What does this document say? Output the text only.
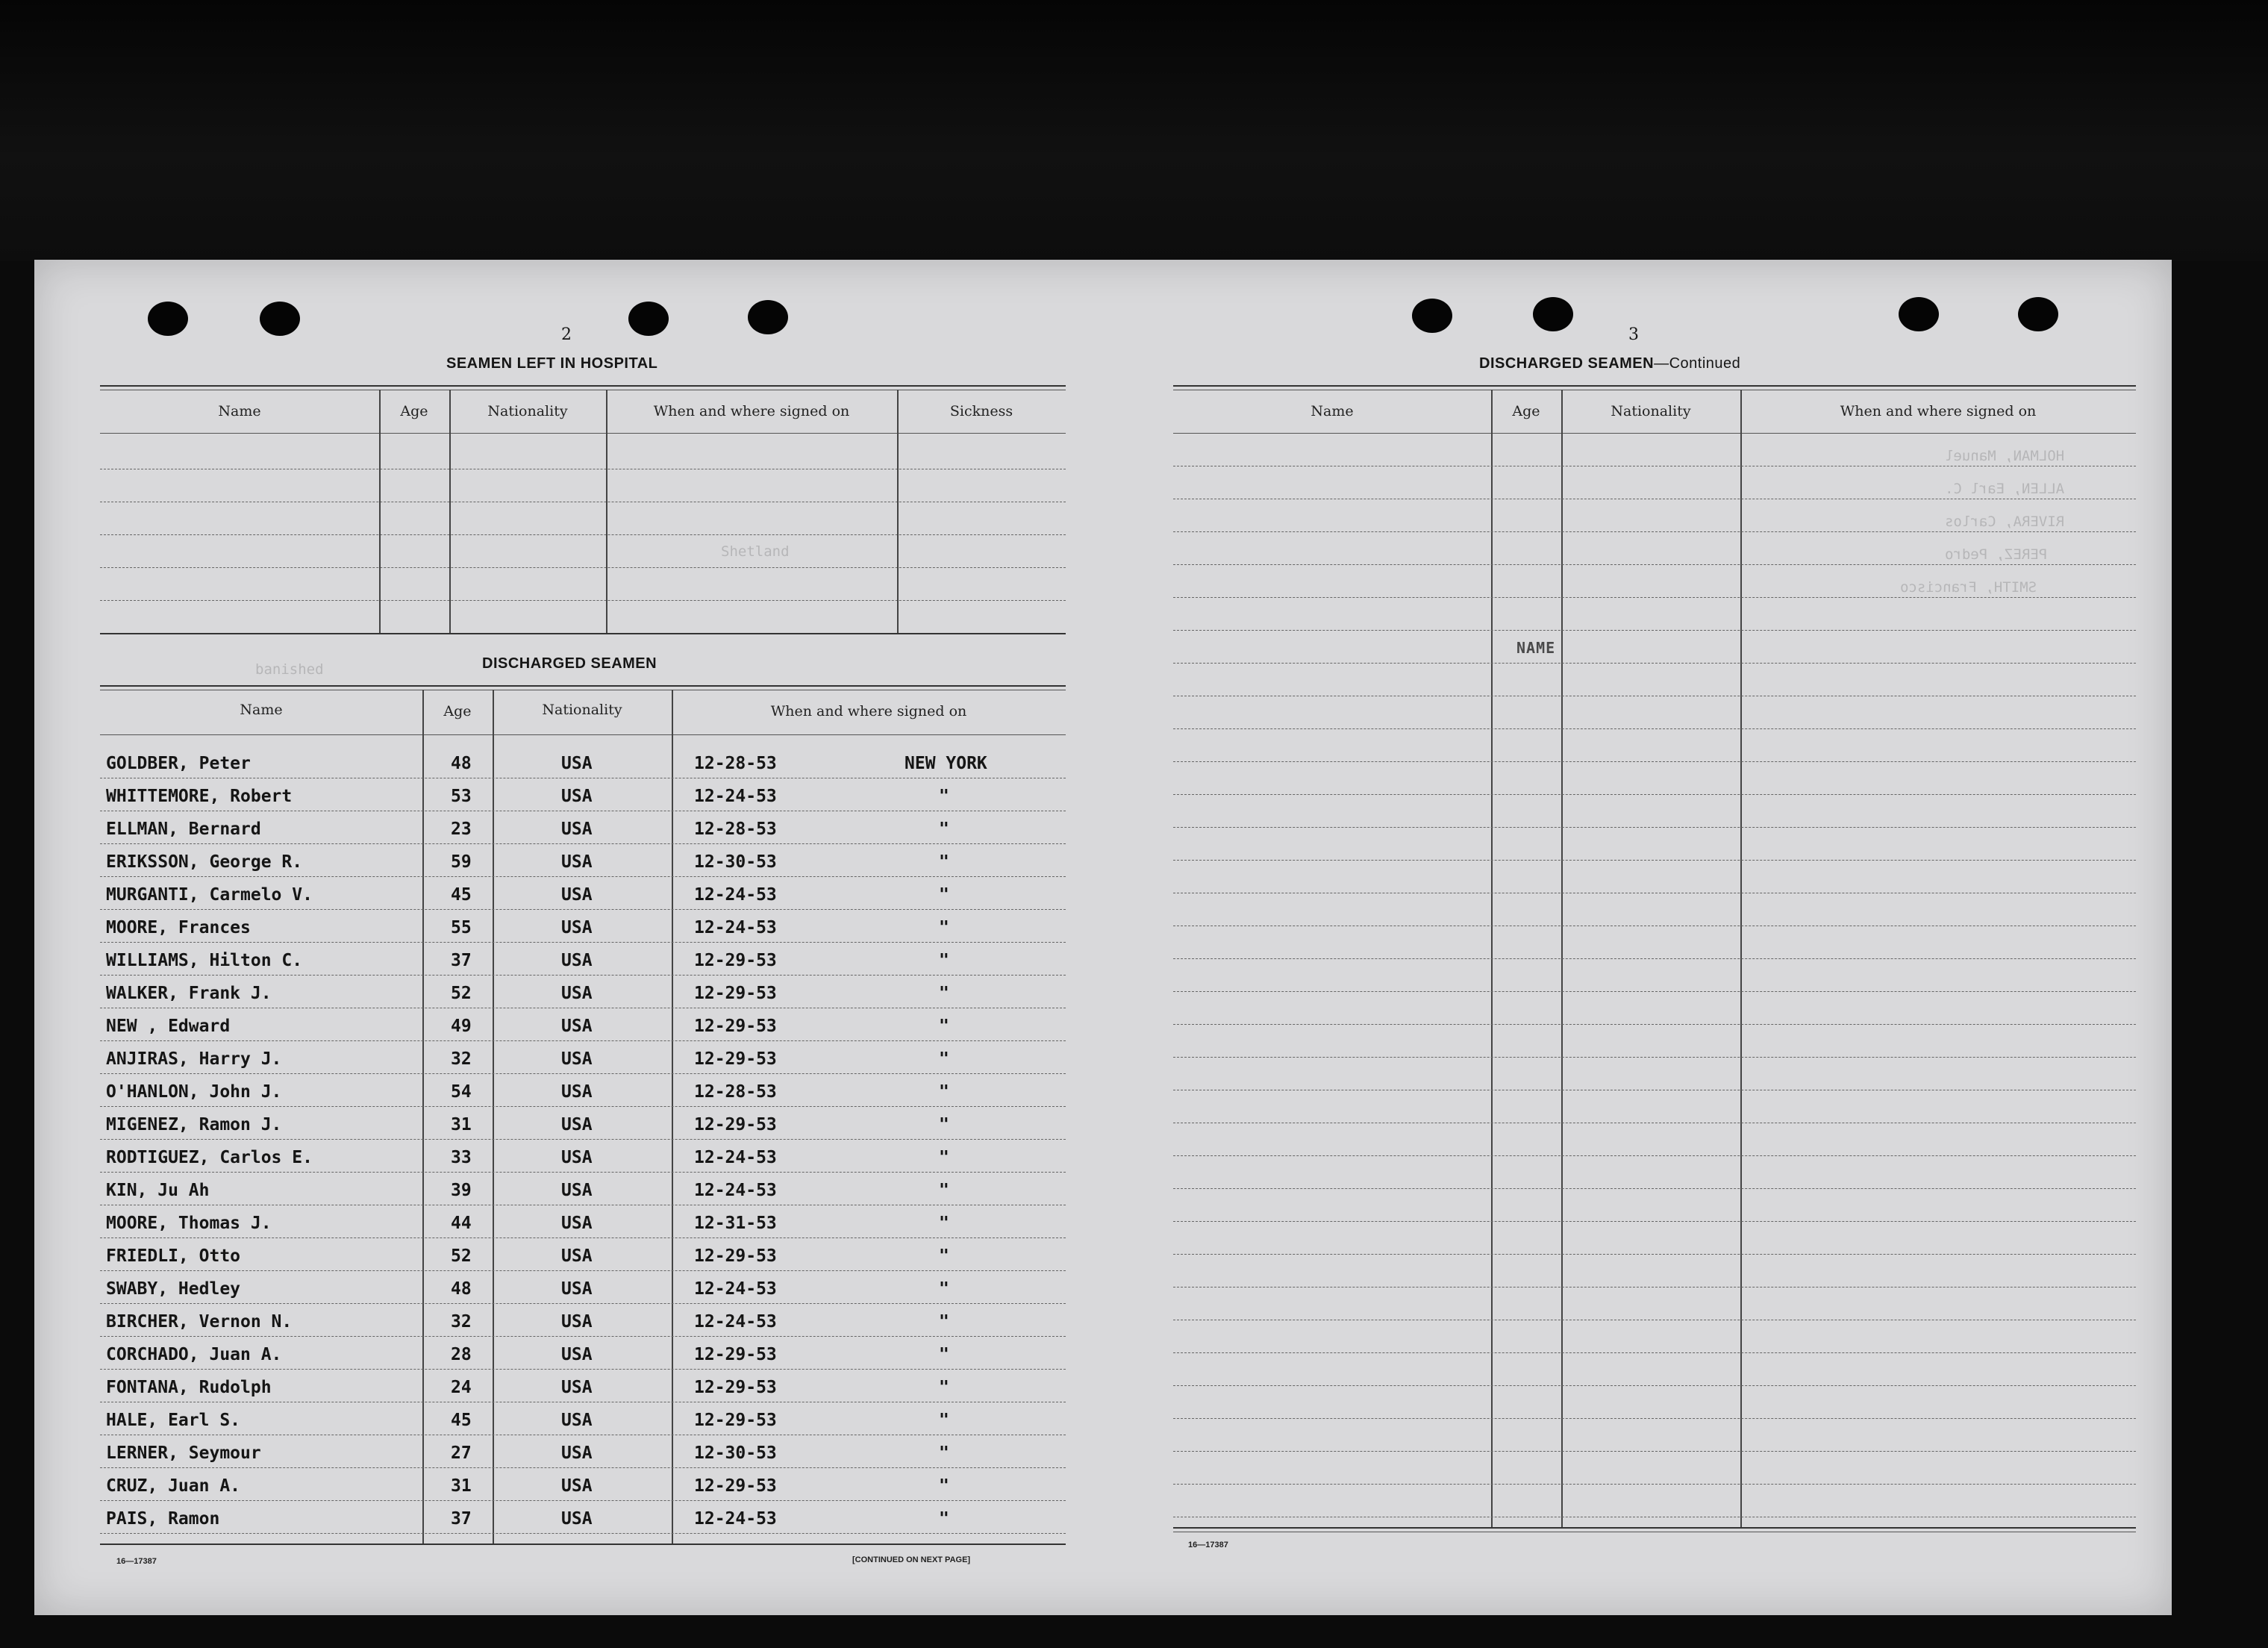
2
SEAMEN LEFT IN HOSPITAL
Name	Age	Nationality	When and where signed on	Sickness
DISCHARGED SEAMEN
Name	Age	Nationality	When and where signed on
GOLDBER, Peter	48	USA	12-28-53	NEW YORK
WHITTEMORE, Robert	53	USA	12-24-53	"
ELLMAN, Bernard	23	USA	12-28-53	"
ERIKSSON, George R.	59	USA	12-30-53	"
MURGANTI, Carmelo V.	45	USA	12-24-53	"
MOORE, Frances	55	USA	12-24-53	"
WILLIAMS, Hilton C.	37	USA	12-29-53	"
WALKER, Frank J.	52	USA	12-29-53	"
NEW , Edward	49	USA	12-29-53	"
ANJIRAS, Harry J.	32	USA	12-29-53	"
O'HANLON, John J.	54	USA	12-28-53	"
MIGENEZ, Ramon J.	31	USA	12-29-53	"
RODTIGUEZ, Carlos E.	33	USA	12-24-53	"
KIN, Ju Ah	39	USA	12-24-53	"
MOORE, Thomas J.	44	USA	12-31-53	"
FRIEDLI, Otto	52	USA	12-29-53	"
SWABY, Hedley	48	USA	12-24-53	"
BIRCHER, Vernon N.	32	USA	12-24-53	"
CORCHADO, Juan A.	28	USA	12-29-53	"
FONTANA, Rudolph	24	USA	12-29-53	"
HALE, Earl S.	45	USA	12-29-53	"
LERNER, Seymour	27	USA	12-30-53	"
CRUZ, Juan A.	31	USA	12-29-53	"
PAIS, Ramon	37	USA	12-24-53	"
16—17387	[CONTINUED ON NEXT PAGE]
banished
Shetland
3
DISCHARGED SEAMEN—Continued
Name	Age	Nationality	When and where signed on
NAME
16—17387
HOLMAN, Manuel
ALLEN, Earl C.
RIVERA, Carlos
PEREZ, Pedro
SMITH, Francisco
